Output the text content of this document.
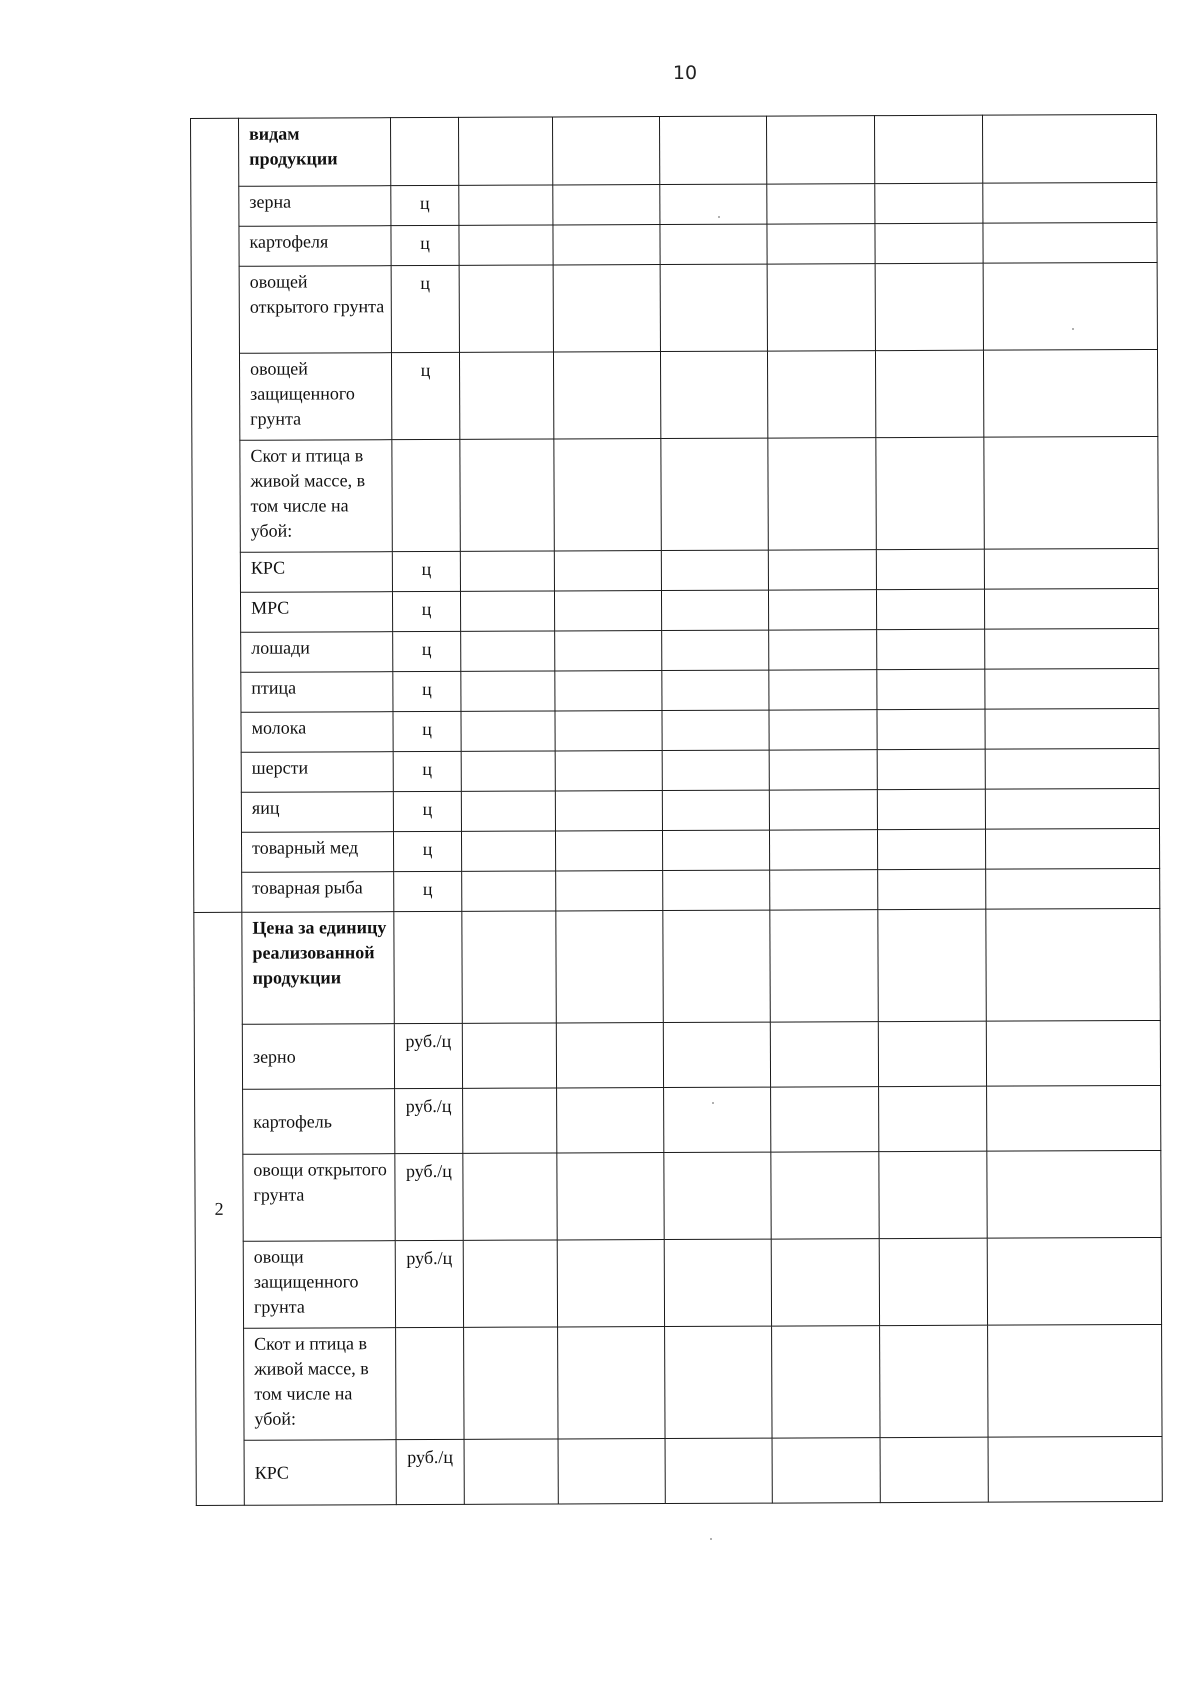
10
	видам продукции							
	зерна	ц						
	картофеля	ц						
	овощей открытого грунта	ц						
	овощей защищенного грунта	ц						
	Скот и птица в живой массе, в том числе на убой:							
	КРС	ц						
	МРС	ц						
	лошади	ц						
	птица	ц						
	молока	ц						
	шерсти	ц						
	яиц	ц						
	товарный мед	ц						
	товарная рыба	ц						
2	Цена за единицу реализованной продукции							
	зерно	руб./ц						
	картофель	руб./ц						
	овощи открытого грунта	руб./ц						
	овощи защищенного грунта	руб./ц						
	Скот и птица в живой массе, в том числе на убой:							
	КРС	руб./ц						
